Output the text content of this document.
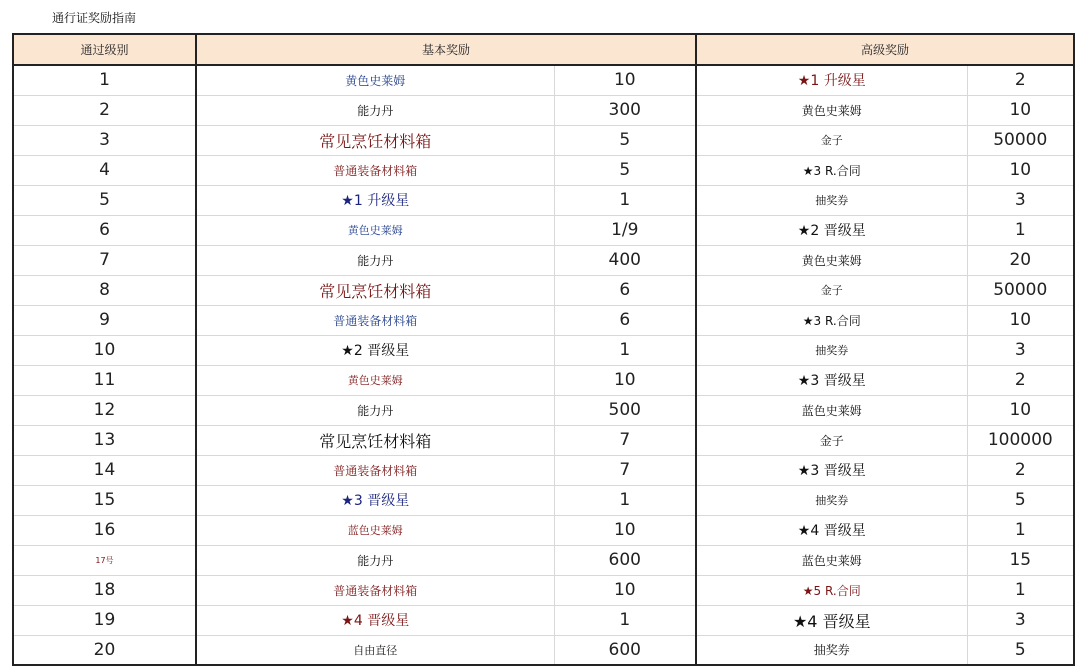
通行证奖励指南
通过级别	基本奖励		高级奖励	
1	黄色史莱姆	10	★1 升级星	2
2	能力丹	300	黄色史莱姆	10
3	常见烹饪材料箱	5	金子	50000
4	普通装备材料箱	5	★3 R.合同	10
5	★1 升级星	1	抽奖券	3
6	黄色史莱姆	1/9	★2 晋级星	1
7	能力丹	400	黄色史莱姆	20
8	常见烹饪材料箱	6	金子	50000
9	普通装备材料箱	6	★3 R.合同	10
10	★2 晋级星	1	抽奖券	3
11	黄色史莱姆	10	★3 晋级星	2
12	能力丹	500	蓝色史莱姆	10
13	常见烹饪材料箱	7	金子	100000
14	普通装备材料箱	7	★3 晋级星	2
15	★3 晋级星	1	抽奖券	5
16	蓝色史莱姆	10	★4 晋级星	1
17号	能力丹	600	蓝色史莱姆	15
18	普通装备材料箱	10	★5 R.合同	1
19	★4 晋级星	1	★4 晋级星	3
20	自由直径	600	抽奖券	5
